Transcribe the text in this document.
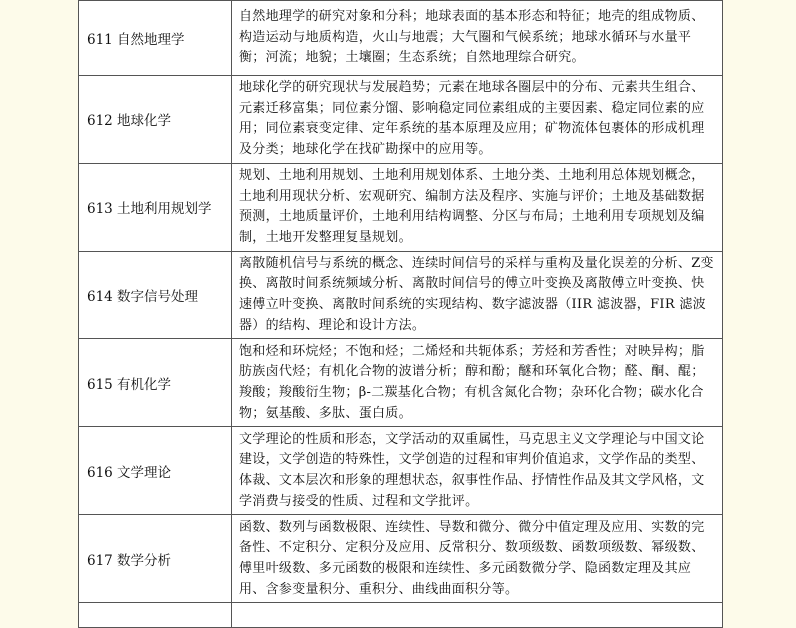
611 自然地理学	自然地理学的研究对象和分科；地球表面的基本形态和特征；地壳的组成物质、构造运动与地质构造，火山与地震；大气圈和气候系统；地球水循环与水量平衡；河流；地貌；土壤圈；生态系统；自然地理综合研究。
612 地球化学	地球化学的研究现状与发展趋势；元素在地球各圈层中的分布、元素共生组合、元素迁移富集；同位素分馏、影响稳定同位素组成的主要因素、稳定同位素的应用；同位素衰变定律、定年系统的基本原理及应用；矿物流体包裹体的形成机理及分类；地球化学在找矿勘探中的应用等。
613 土地利用规划学	规划、土地利用规划、土地利用规划体系、土地分类、土地利用总体规划概念，土地利用现状分析、宏观研究、编制方法及程序、实施与评价；土地及基础数据预测，土地质量评价，土地利用结构调整、分区与布局；土地利用专项规划及编制，土地开发整理复垦规划。
614 数字信号处理	离散随机信号与系统的概念、连续时间信号的采样与重构及量化误差的分析、Z变换、离散时间系统频域分析、离散时间信号的傅立叶变换及离散傅立叶变换、快速傅立叶变换、离散时间系统的实现结构、数字滤波器（IIR 滤波器，FIR 滤波器）的结构、理论和设计方法。
615 有机化学	饱和烃和环烷烃；不饱和烃；二烯烃和共轭体系；芳烃和芳香性；对映异构；脂肪族卤代烃；有机化合物的波谱分析；醇和酚；醚和环氧化合物；醛、酮、醌；羧酸；羧酸衍生物；β-二羰基化合物；有机含氮化合物；杂环化合物；碳水化合物；氨基酸、多肽、蛋白质。
616 文学理论	文学理论的性质和形态，文学活动的双重属性，马克思主义文学理论与中国文论建设，文学创造的特殊性，文学创造的过程和审判价值追求，文学作品的类型、体裁、文本层次和形象的理想状态，叙事性作品、抒情性作品及其文学风格，文学消费与接受的性质、过程和文学批评。
617 数学分析	函数、数列与函数极限、连续性、导数和微分、微分中值定理及应用、实数的完备性、不定积分、定积分及应用、反常积分、数项级数、函数项级数、幂级数、傅里叶级数、多元函数的极限和连续性、多元函数微分学、隐函数定理及其应用、含参变量积分、重积分、曲线曲面积分等。
